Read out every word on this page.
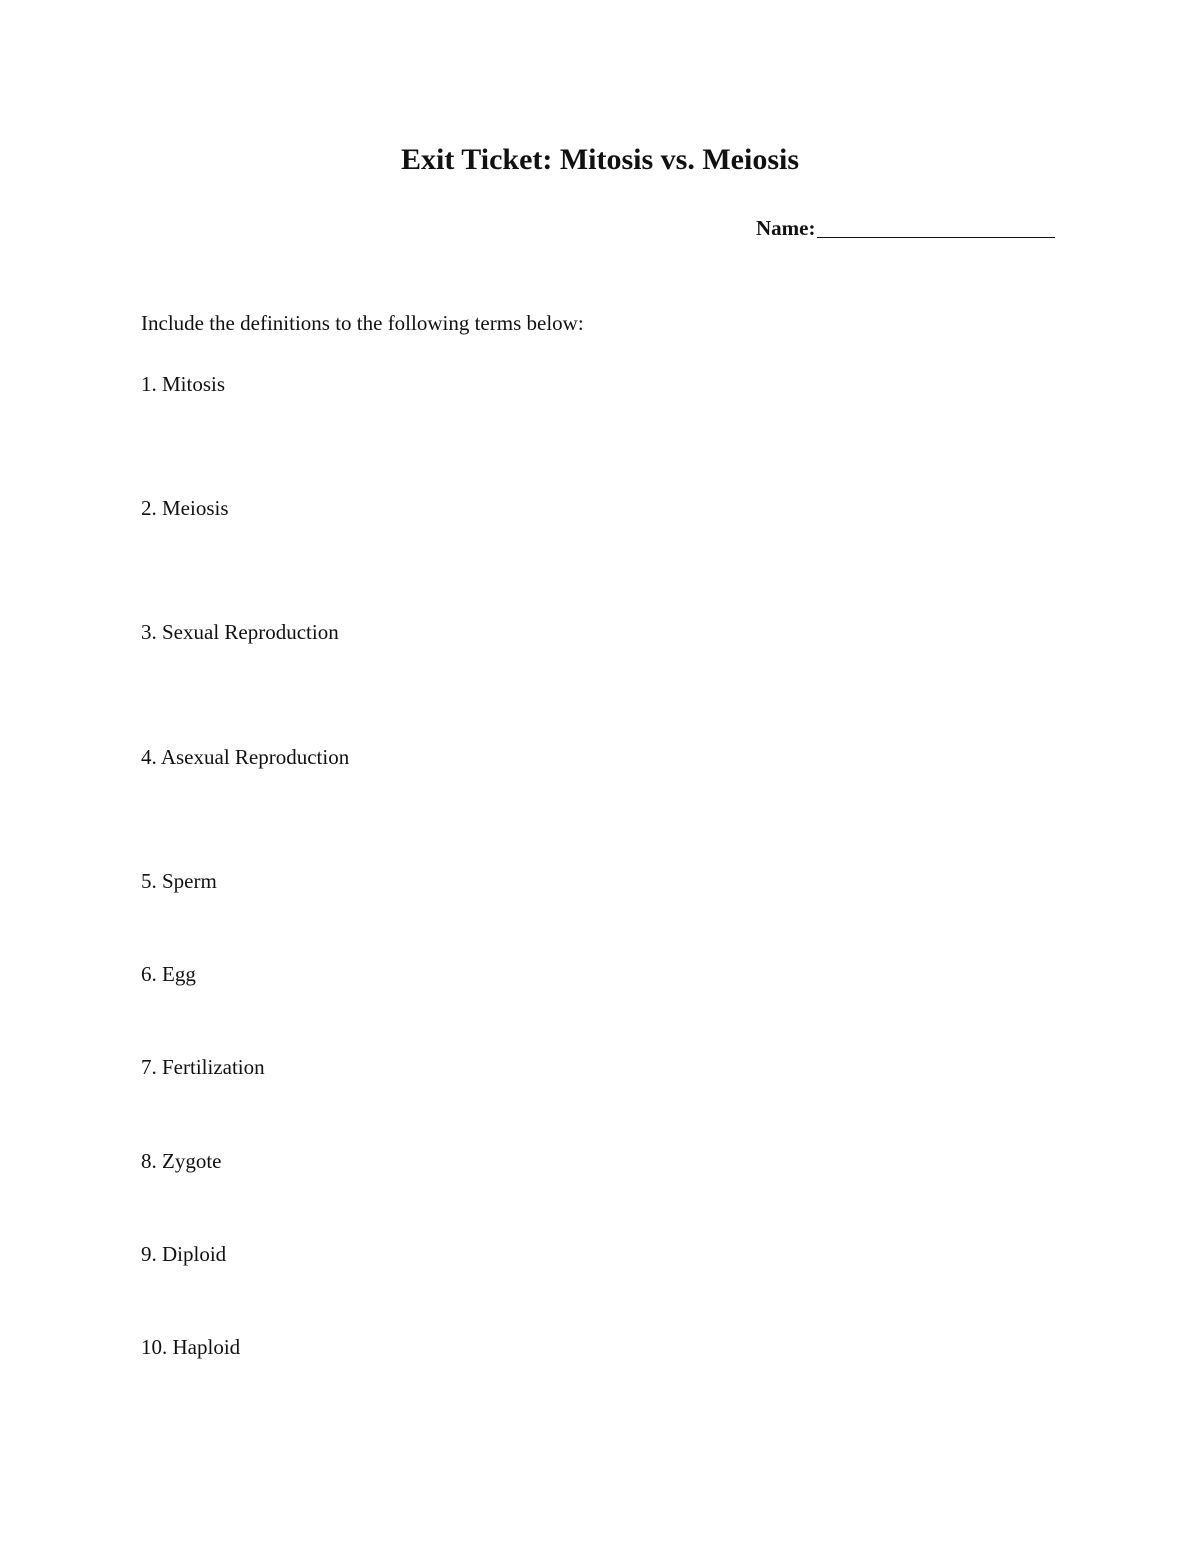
Exit Ticket: Mitosis vs. Meiosis
Name:

Include the definitions to the following terms below:

1. Mitosis

2. Meiosis

3. Sexual Reproduction

4. Asexual Reproduction

5. Sperm

6. Egg

7. Fertilization

8. Zygote

9. Diploid

10. Haploid
